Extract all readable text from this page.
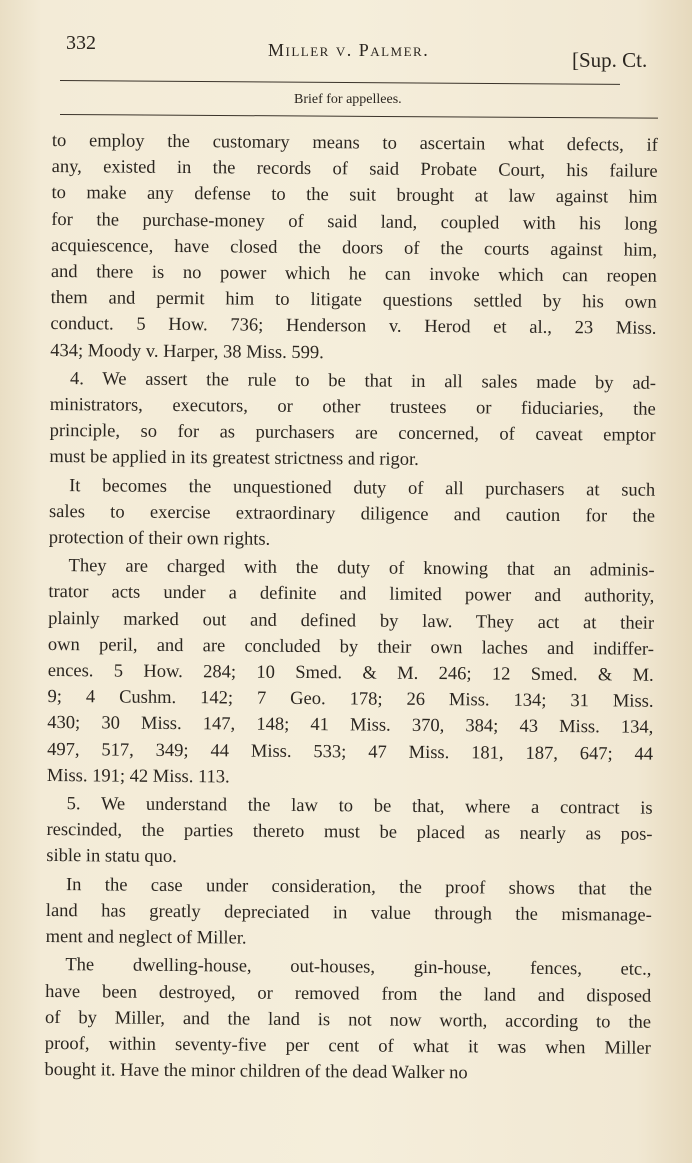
332	Miller v. Palmer.	[Sup. Ct.
Brief for appellees.
to employ the customary means to ascertain what defects, if
any, existed in the records of said Probate Court, his failure
to make any defense to the suit brought at law against him
for the purchase-money of said land, coupled with his long
acquiescence, have closed the doors of the courts against him,
and there is no power which he can invoke which can reopen
them and permit him to litigate questions settled by his own
conduct. 5 How. 736; Henderson v. Herod et al., 23 Miss.
434; Moody v. Harper, 38 Miss. 599.
4. We assert the rule to be that in all sales made by ad-
ministrators, executors, or other trustees or fiduciaries, the
principle, so for as purchasers are concerned, of caveat emptor
must be applied in its greatest strictness and rigor.
It becomes the unquestioned duty of all purchasers at such
sales to exercise extraordinary diligence and caution for the
protection of their own rights.
They are charged with the duty of knowing that an adminis-
trator acts under a definite and limited power and authority,
plainly marked out and defined by law. They act at their
own peril, and are concluded by their own laches and indiffer-
ences. 5 How. 284; 10 Smed. & M. 246; 12 Smed. & M.
9; 4 Cushm. 142; 7 Geo. 178; 26 Miss. 134; 31 Miss.
430; 30 Miss. 147, 148; 41 Miss. 370, 384; 43 Miss. 134,
497, 517, 349; 44 Miss. 533; 47 Miss. 181, 187, 647; 44
Miss. 191; 42 Miss. 113.
5. We understand the law to be that, where a contract is
rescinded, the parties thereto must be placed as nearly as pos-
sible in statu quo.
In the case under consideration, the proof shows that the
land has greatly depreciated in value through the mismanage-
ment and neglect of Miller.
The dwelling-house, out-houses, gin-house, fences, etc.,
have been destroyed, or removed from the land and disposed
of by Miller, and the land is not now worth, according to the
proof, within seventy-five per cent of what it was when Miller
bought it. Have the minor children of the dead Walker no
